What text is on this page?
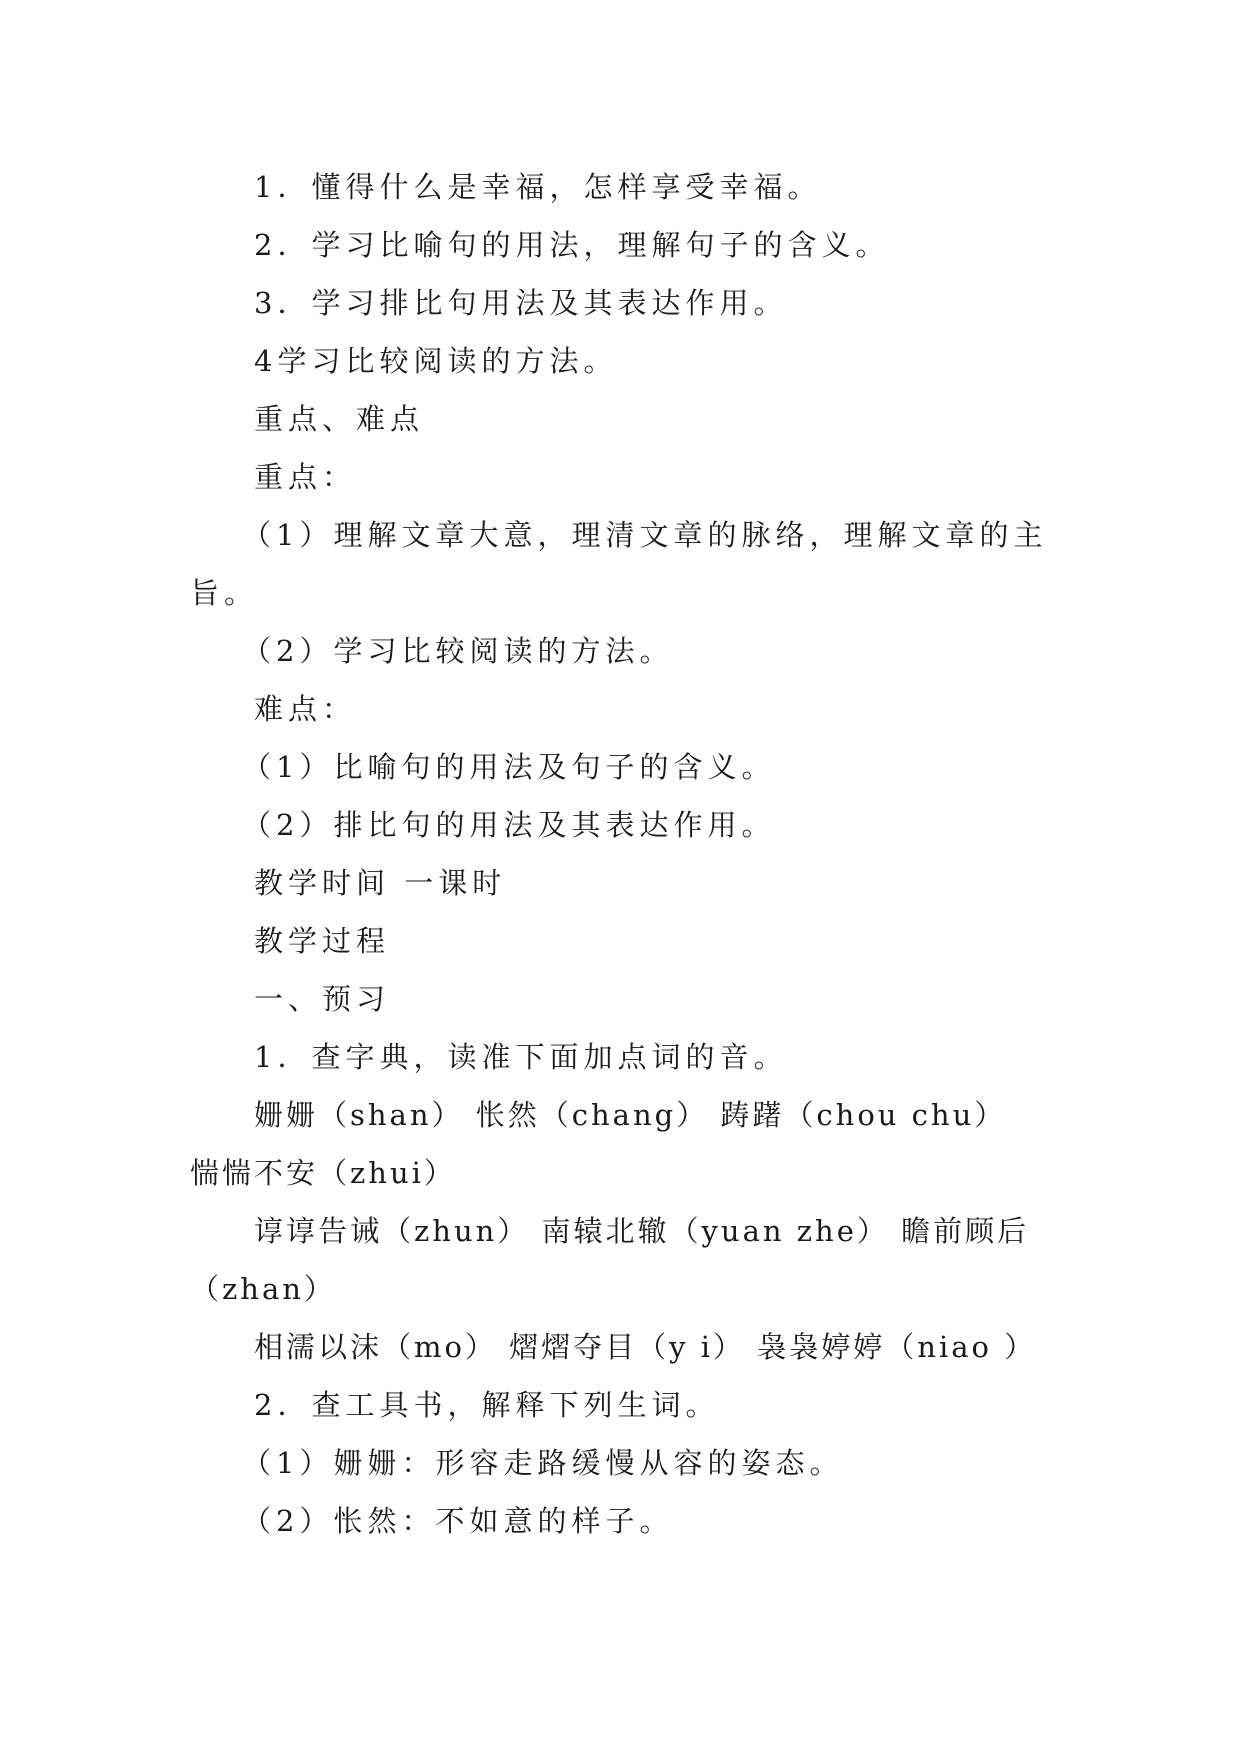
1．懂得什么是幸福，怎样享受幸福。

2．学习比喻句的用法，理解句子的含义。

3．学习排比句用法及其表达作用。

4学习比较阅读的方法。

重点、难点

重点：

（1）理解文章大意，理清文章的脉络，理解文章的主旨。

（2）学习比较阅读的方法。

难点：

（1）比喻句的用法及句子的含义。

（2）排比句的用法及其表达作用。

教学时间 一课时

教学过程

一、预习

1．查字典，读准下面加点词的音。

姗姗（shan） 怅然（chang） 踌躇（chou chu） 惴惴不安（zhui）

谆谆告诫（zhun） 南辕北辙（yuan zhe） 瞻前顾后（zhan）

相濡以沫（mo） 熠熠夺目（y i） 袅袅婷婷（niao ）

2．查工具书，解释下列生词。

（1）姗姗：形容走路缓慢从容的姿态。

（2）怅然：不如意的样子。
